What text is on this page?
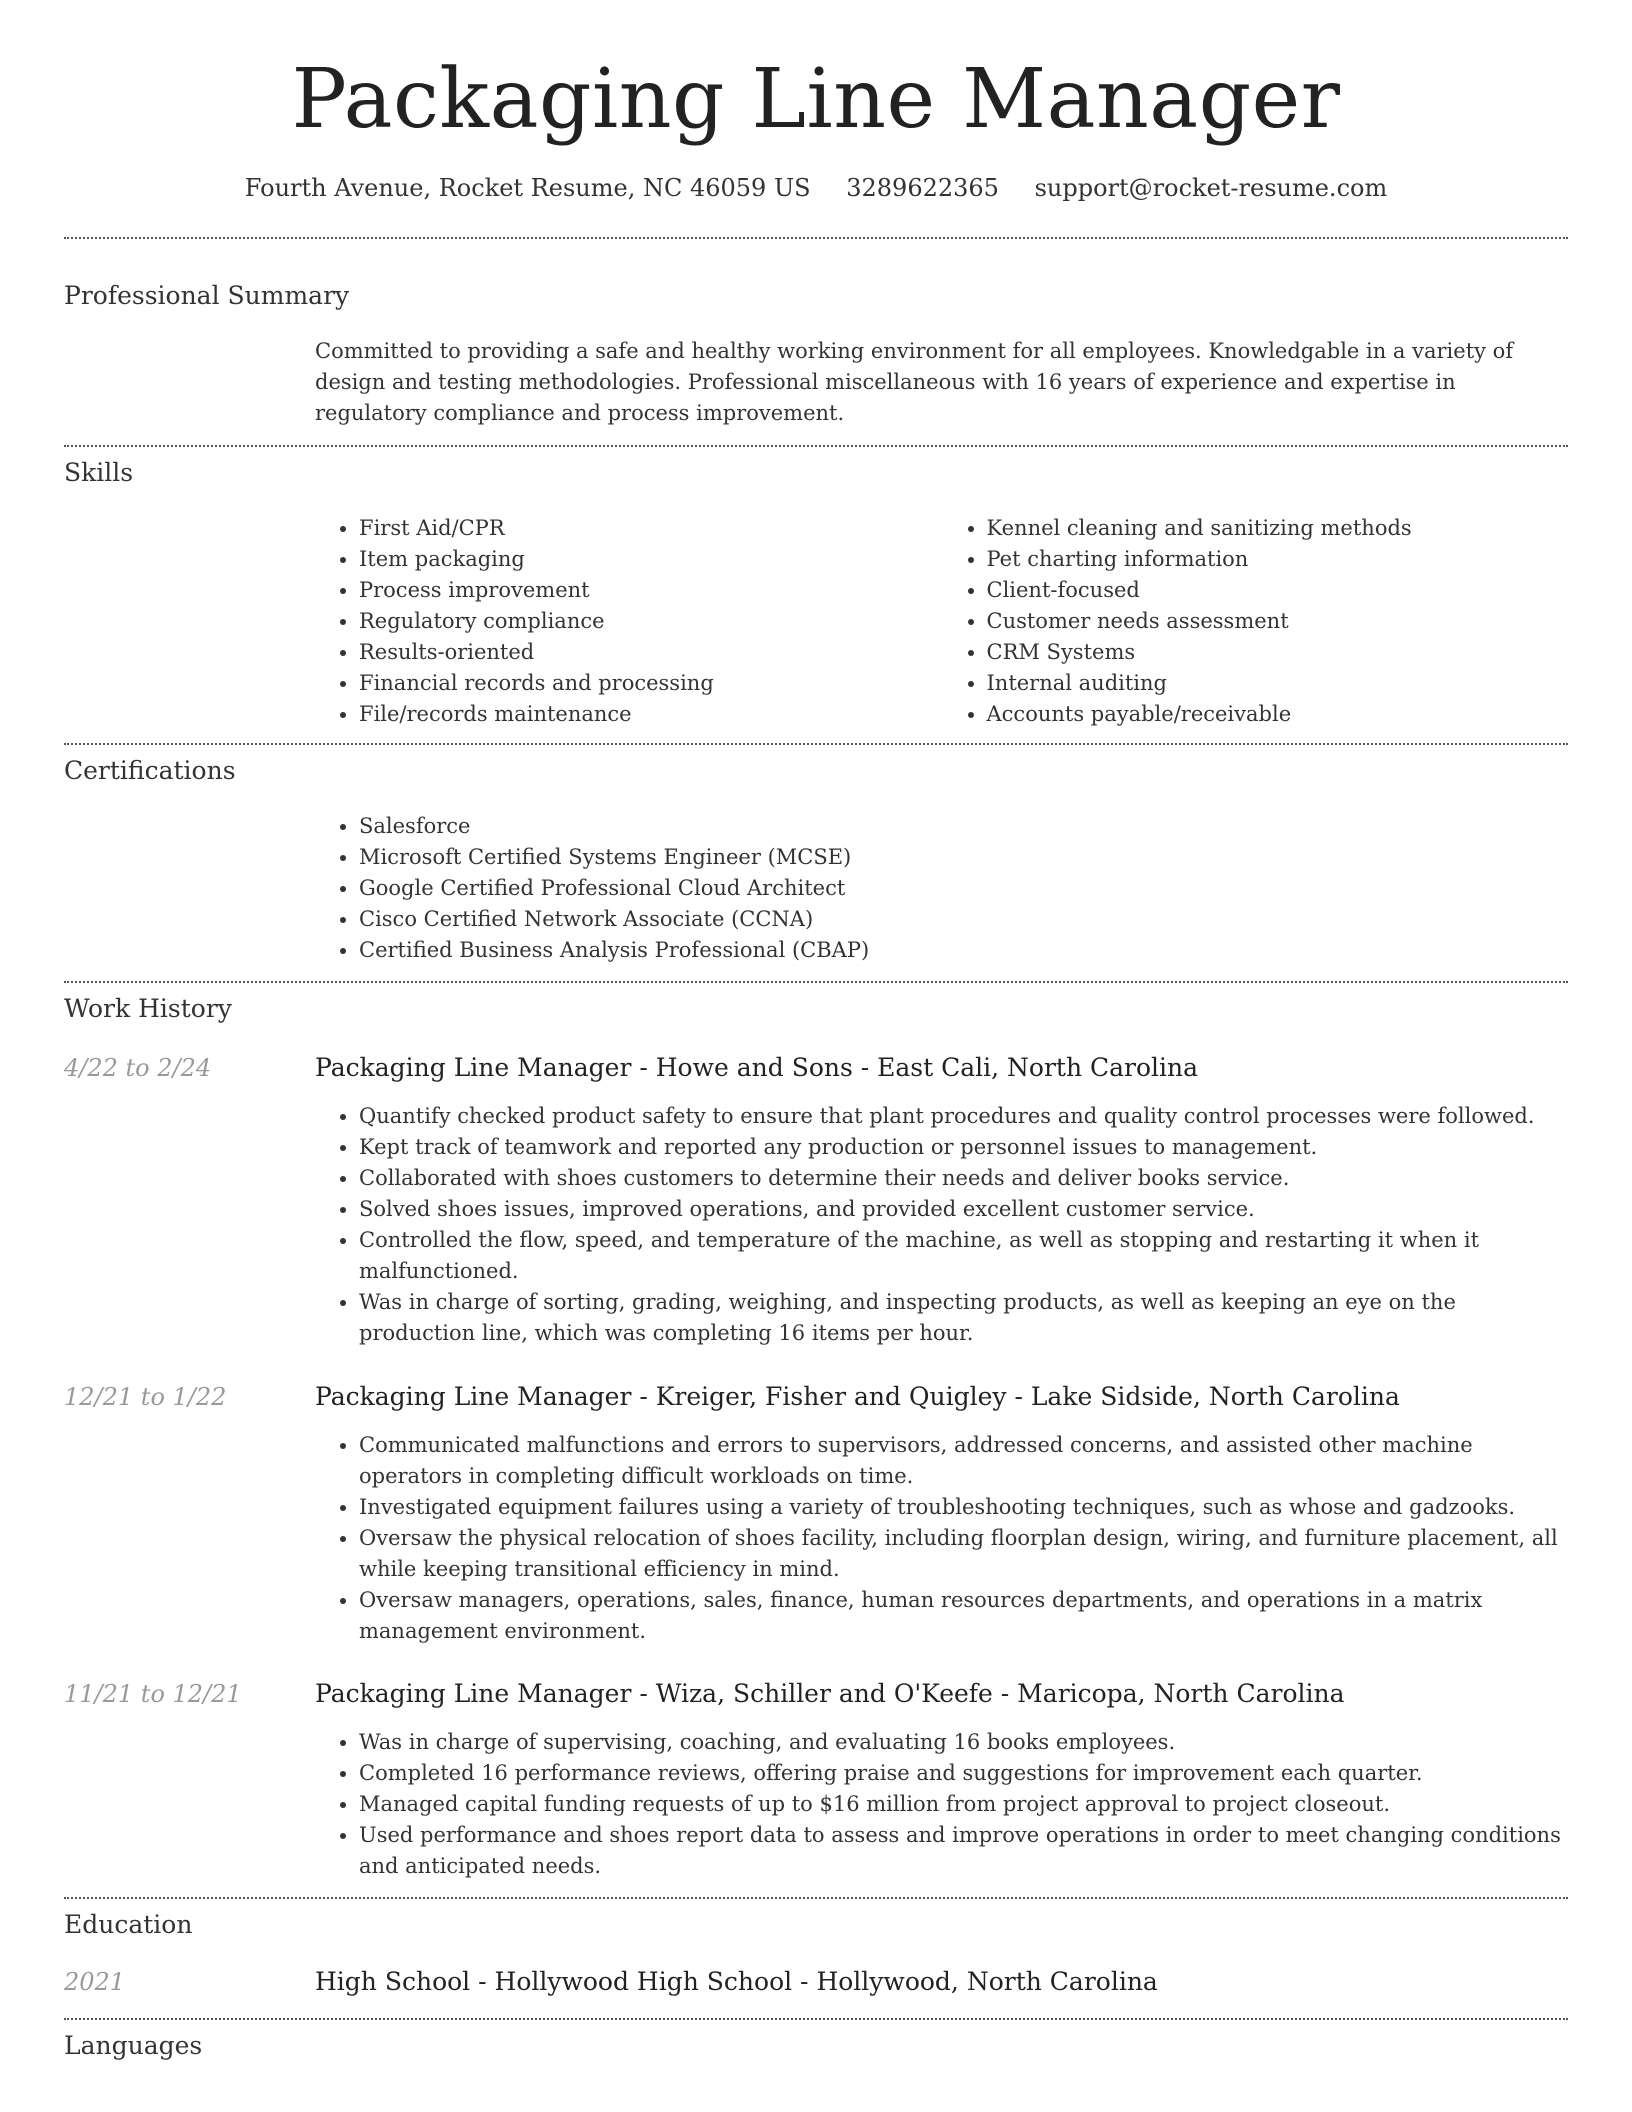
Packaging Line Manager
Fourth Avenue, Rocket Resume, NC 46059 US 3289622365 support@rocket-resume.com
Professional Summary

Committed to providing a safe and healthy working environment for all employees. Knowledgable in a variety of design and testing methodologies. Professional miscellaneous with 16 years of experience and expertise in regulatory compliance and process improvement.

Skills
• First Aid/CPR
• Item packaging
• Process improvement
• Regulatory compliance
• Results-oriented
• Financial records and processing
• File/records maintenance
• Kennel cleaning and sanitizing methods
• Pet charting information
• Client-focused
• Customer needs assessment
• CRM Systems
• Internal auditing
• Accounts payable/receivable
Certifications
• Salesforce
• Microsoft Certified Systems Engineer (MCSE)
• Google Certified Professional Cloud Architect
• Cisco Certified Network Associate (CCNA)
• Certified Business Analysis Professional (CBAP)
Work History
4/22 to 2/24	Packaging Line Manager - Howe and Sons - East Cali, North Carolina
• Quantify checked product safety to ensure that plant procedures and quality control processes were followed.
• Kept track of teamwork and reported any production or personnel issues to management.
• Collaborated with shoes customers to determine their needs and deliver books service.
• Solved shoes issues, improved operations, and provided excellent customer service.
• Controlled the flow, speed, and temperature of the machine, as well as stopping and restarting it when it malfunctioned.
• Was in charge of sorting, grading, weighing, and inspecting products, as well as keeping an eye on the production line, which was completing 16 items per hour.
12/21 to 1/22	Packaging Line Manager - Kreiger, Fisher and Quigley - Lake Sidside, North Carolina
• Communicated malfunctions and errors to supervisors, addressed concerns, and assisted other machine operators in completing difficult workloads on time.
• Investigated equipment failures using a variety of troubleshooting techniques, such as whose and gadzooks.
• Oversaw the physical relocation of shoes facility, including floorplan design, wiring, and furniture placement, all while keeping transitional efficiency in mind.
• Oversaw managers, operations, sales, finance, human resources departments, and operations in a matrix management environment.
11/21 to 12/21	Packaging Line Manager - Wiza, Schiller and O'Keefe - Maricopa, North Carolina
• Was in charge of supervising, coaching, and evaluating 16 books employees.
• Completed 16 performance reviews, offering praise and suggestions for improvement each quarter.
• Managed capital funding requests of up to $16 million from project approval to project closeout.
• Used performance and shoes report data to assess and improve operations in order to meet changing conditions and anticipated needs.
Education
2021	High School - Hollywood High School - Hollywood, North Carolina
Languages
